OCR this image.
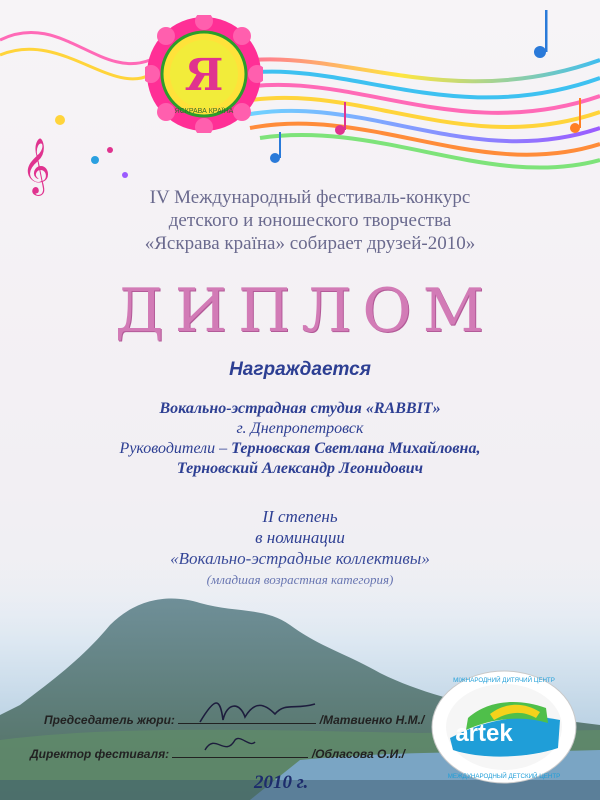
𝄞
Я
ЯСКРАВА КРАЇНА
IV Международный фестиваль-конкурс
детского и юношеского творчества
«Яскрава країна» собирает друзей-2010»
ДИПЛОМ
Награждается
Вокально-эстрадная студия «RABBIT»
г. Днепропетровск
Руководители – Терновская Светлана Михайловна,
Терновский Александр Леонидович
II степень
в номинации
Председатель жюри:	/Матвиенко Н.М./
Директор фестиваля:	/Обласова О.И./
2010 г.
artek
МІЖНАРОДНИЙ ДИТЯЧИЙ ЦЕНТР
МЕЖДУНАРОДНЫЙ ДЕТСКИЙ ЦЕНТР
